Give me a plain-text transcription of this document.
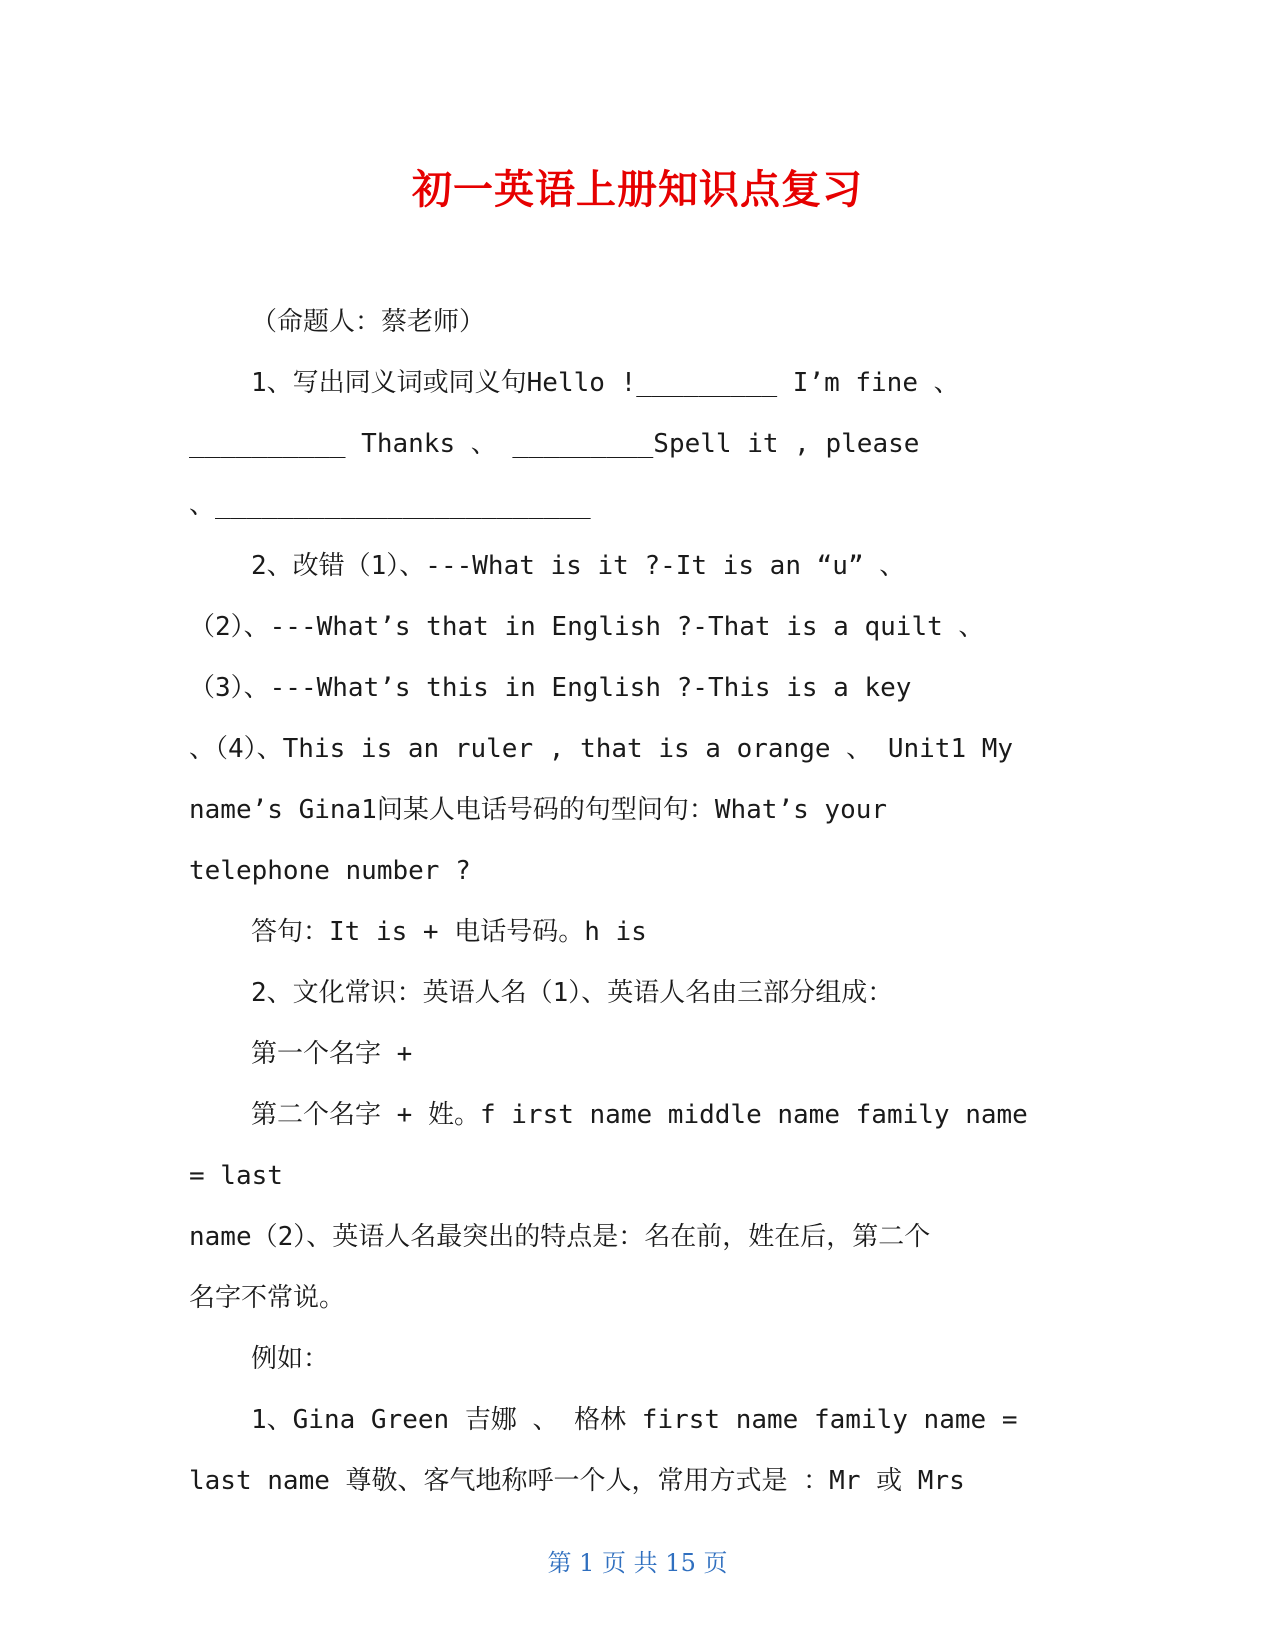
初一英语上册知识点复习
（命题人：蔡老师）
1、写出同义词或同义句Hello !_________ I’m fine 、
__________ Thanks 、 _________Spell it , please
、________________________
2、改错（1）、---What is it ?-It is an “u” 、
（2）、---What’s that in English ?-That is a quilt 、
（3）、---What’s this in English ?-This is a key
、（4）、This is an ruler , that is a orange 、 Unit1 My
name’s Gina1问某人电话号码的句型问句：What’s your
telephone number ?
答句：It is + 电话号码。h is
2、文化常识：英语人名（1）、英语人名由三部分组成：
第一个名字 +
第二个名字 + 姓。f irst name middle name family name
= last
name（2）、英语人名最突出的特点是：名在前，姓在后，第二个
名字不常说。
例如：
1、Gina Green 吉娜 、 格林 first name family name =
last name 尊敬、客气地称呼一个人，常用方式是 ：Mr 或 Mrs
第 1 页 共 15 页
